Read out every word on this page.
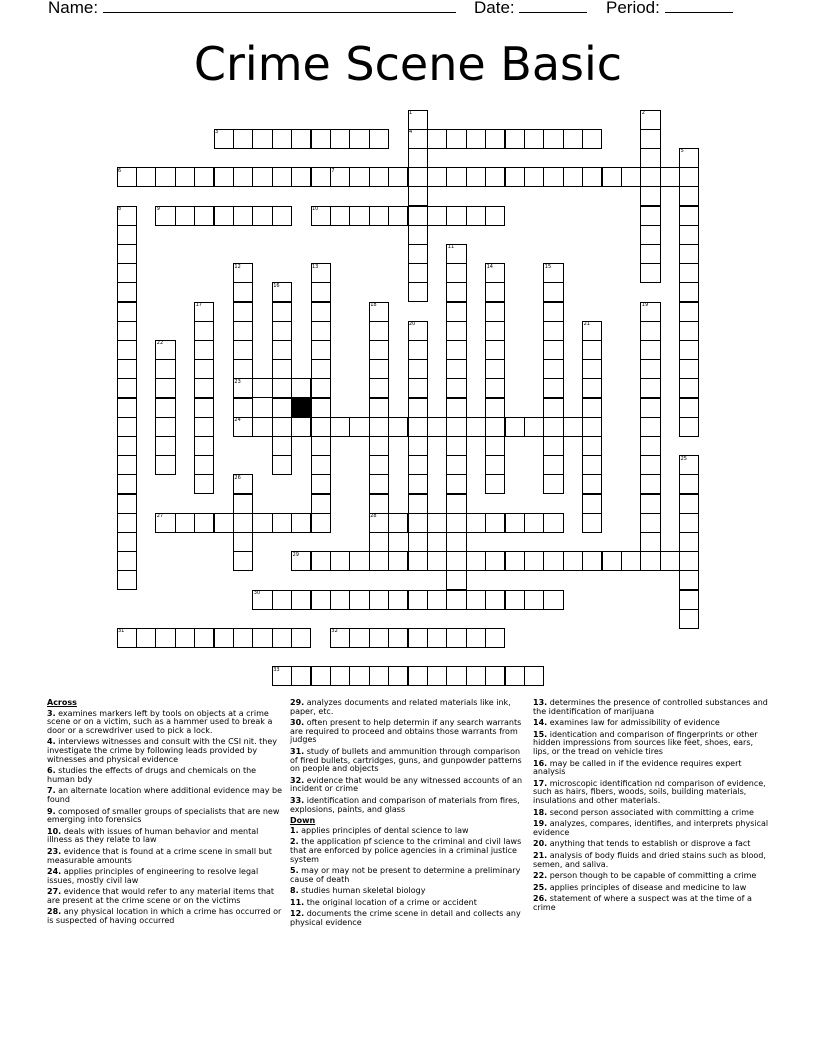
Name:	Date:	Period:
Crime Scene Basic
3	4
6	7
9	10
23
24
27	28
29
30
31	32
33
1	2
5
8
11
12	13	14	15
16
17	18	19
20	21
22
25
26
Across
3. examines markers left by tools on objects at a crime scene or on a victim, such as a hammer used to break a door or a screwdriver used to pick a lock.
4. interviews witnesses and consult with the CSI nit. they investigate the crime by following leads provided by witnesses and physical evidence
6. studies the effects of drugs and chemicals on the human bdy
7. an alternate location where additional evidence may be found
9. composed of smaller groups of specialists that are new emerging into forensics
10. deals with issues of human behavior and mental illness as they relate to law
23. evidence that is found at a crime scene in small but measurable amounts
24. applies principles of engineering to resolve legal issues, mostly civil law
27. evidence that would refer to any material items that are present at the crime scene or on the victims
28. any physical location in which a crime has occurred or is suspected of having occurred
29. analyzes documents and related materials like ink, paper, etc.
30. often present to help determin if any search warrants are required to proceed and obtains those warrants from judges
31. study of bullets and ammunition through comparison of fired bullets, cartridges, guns, and gunpowder patterns on people and objects
32. evidence that would be any witnessed accounts of an incident or crime
33. identification and comparison of materials from fires, explosions, paints, and glass
Down
1. applies principles of dental science to law
2. the application pf science to the criminal and civil laws that are enforced by police agencies in a criminal justice system
5. may or may not be present to determine a preliminary cause of death
8. studies human skeletal biology
11. the original location of a crime or accident
12. documents the crime scene in detail and collects any physical evidence
13. determines the presence of controlled substances and the identification of marijuana
14. examines law for admissibility of evidence
15. identication and comparison of fingerprints or other hidden impressions from sources like feet, shoes, ears, lips, or the tread on vehicle tires
16. may be called in if the evidence requires expert analysis
17. microscopic identification nd comparison of evidence, such as hairs, fibers, woods, soils, building materials, insulations and other materials.
18. second person associated with committing a crime
19. analyzes, compares, identifies, and interprets physical evidence
20. anything that tends to establish or disprove a fact
21. analysis of body fluids and dried stains such as blood, semen, and saliva.
22. person though to be capable of committing a crime
25. applies principles of disease and medicine to law
26. statement of where a suspect was at the time of a crime
